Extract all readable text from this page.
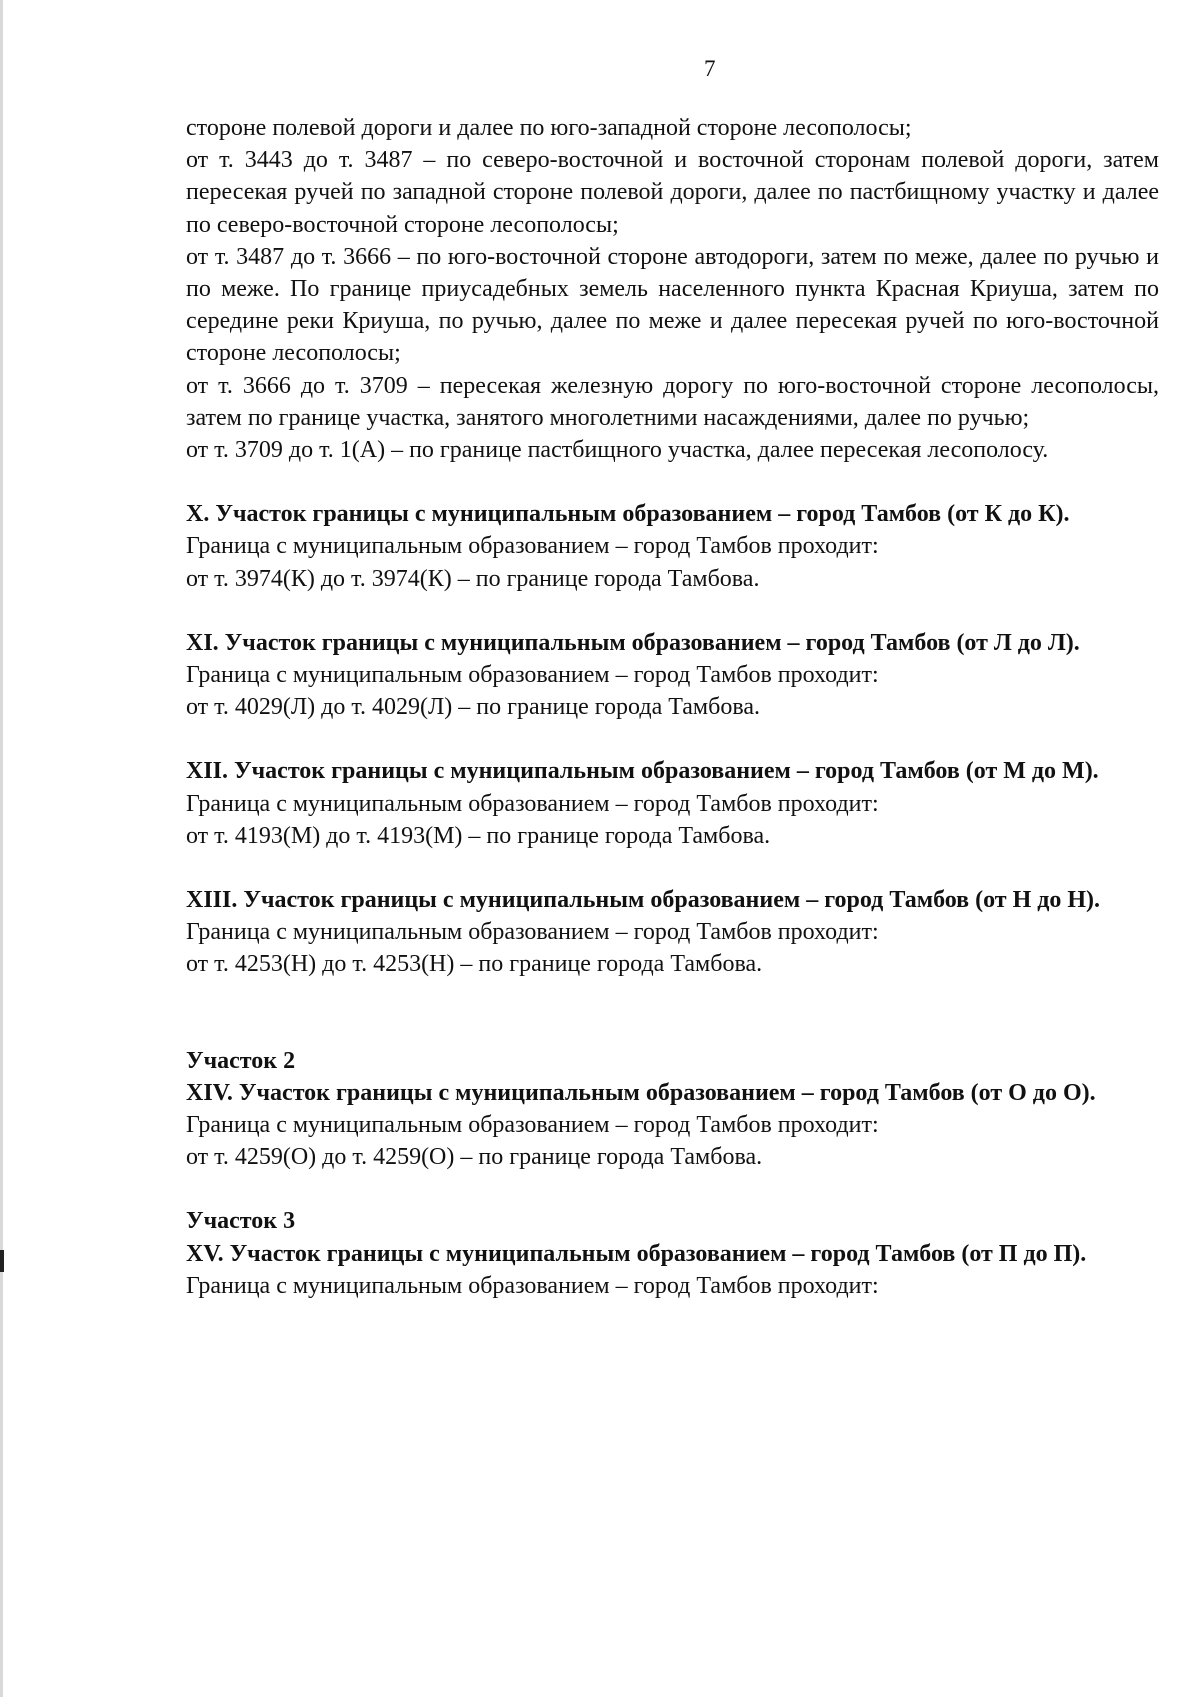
7

стороне полевой дороги и далее по юго-западной стороне лесополосы;

от т. 3443 до т. 3487 – по северо-восточной и восточной сторонам полевой дороги, затем пересекая ручей по западной стороне полевой дороги, далее по пастбищному участку и далее по северо-восточной стороне лесополосы;

от т. 3487 до т. 3666 – по юго-восточной стороне автодороги, затем по меже, далее по ручью и по меже. По границе приусадебных земель населенного пункта Красная Криуша, затем по середине реки Криуша, по ручью, далее по меже и далее пересекая ручей по юго-восточной стороне лесополосы;

от т. 3666 до т. 3709 – пересекая железную дорогу по юго-восточной стороне лесополосы, затем по границе участка, занятого многолетними насаждениями, далее по ручью;

от т. 3709 до т. 1(А) – по границе пастбищного участка, далее пересекая лесополосу.

X. Участок границы с муниципальным образованием – город Тамбов (от К до К).

Граница с муниципальным образованием – город Тамбов проходит:

от т. 3974(К) до т. 3974(К) – по границе города Тамбова.

XI. Участок границы с муниципальным образованием – город Тамбов (от Л до Л).

Граница с муниципальным образованием – город Тамбов проходит:

от т. 4029(Л) до т. 4029(Л) – по границе города Тамбова.

XII. Участок границы с муниципальным образованием – город Тамбов (от М до М).

Граница с муниципальным образованием – город Тамбов проходит:

от т. 4193(М) до т. 4193(М) – по границе города Тамбова.

XIII. Участок границы с муниципальным образованием – город Тамбов (от Н до Н).

Граница с муниципальным образованием – город Тамбов проходит:

от т. 4253(Н) до т. 4253(Н) – по границе города Тамбова.

Участок 2

XIV. Участок границы с муниципальным образованием – город Тамбов (от О до О).

Граница с муниципальным образованием – город Тамбов проходит:

от т. 4259(О) до т. 4259(О) – по границе города Тамбова.

Участок 3

XV. Участок границы с муниципальным образованием – город Тамбов (от П до П).

Граница с муниципальным образованием – город Тамбов проходит:
